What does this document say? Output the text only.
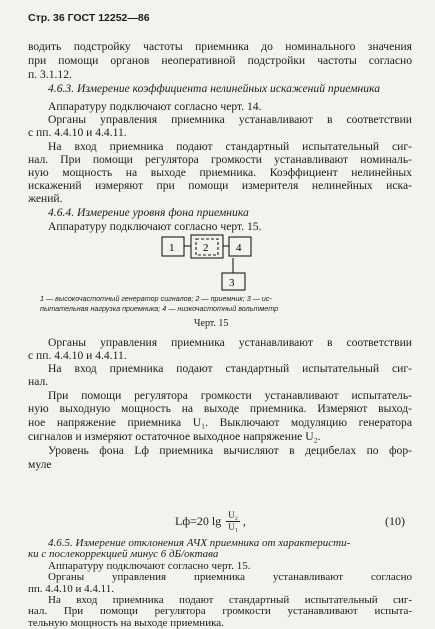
Стр. 36 ГОСТ 12252—86
водить подстройку частоты приемника до номинального значения
при помощи органов неоперативной подстройки частоты согласно
п. 3.1.12.
4.6.3. Измерение коэффициента нелинейных искажений приемника
Аппаратуру подключают согласно черт. 14.
Органы управления приемника устанавливают в соответствии
с пп. 4.4.10 и 4.4.11.
На вход приемника подают стандартный испытательный сиг-
нал. При помощи регулятора громкости устанавливают номиналь-
ную мощность на выходе приемника. Коэффициент нелинейных
искажений измеряют при помощи измерителя нелинейных иска-
жений.
4.6.4. Измерение уровня фона приемника
Аппаратуру подключают согласно черт. 15.
1	2	4
3
1 — высокочастотный генератор сигналов; 2 — приемник; 3 — ис-
пытательная нагрузка приемника; 4 — низкочастотный вольтметр
Черт. 15
Органы управления приемника устанавливают в соответствии
с пп. 4.4.10 и 4.4.11.
На вход приемника подают стандартный испытательный сиг-
нал.
При помощи регулятора громкости устанавливают испытатель-
ную выходную мощность на выходе приемника. Измеряют выход-
ное напряжение приемника U₁. Выключают модуляцию генератора
сигналов и измеряют остаточное выходное напряжение U₂.
Уровень фона Lф приемника вычисляют в децибелах по фор-
муле
Lф=20 $\lg \frac{\text{U₂}}{\text{U₁}}$ ,	(10)
4.6.5. Измерение отклонения АЧХ приемника от характеристи-
ки с послекоррекцией минус 6 дБ/октава
Аппаратуру подключают согласно черт. 15.
Органы управления приемника устанавливают согласно
пп. 4.4.10 и 4.4.11.
На вход приемника подают стандартный испытательный сиг-
нал. При помощи регулятора громкости устанавливают испыта-
тельную мощность на выходе приемника.
